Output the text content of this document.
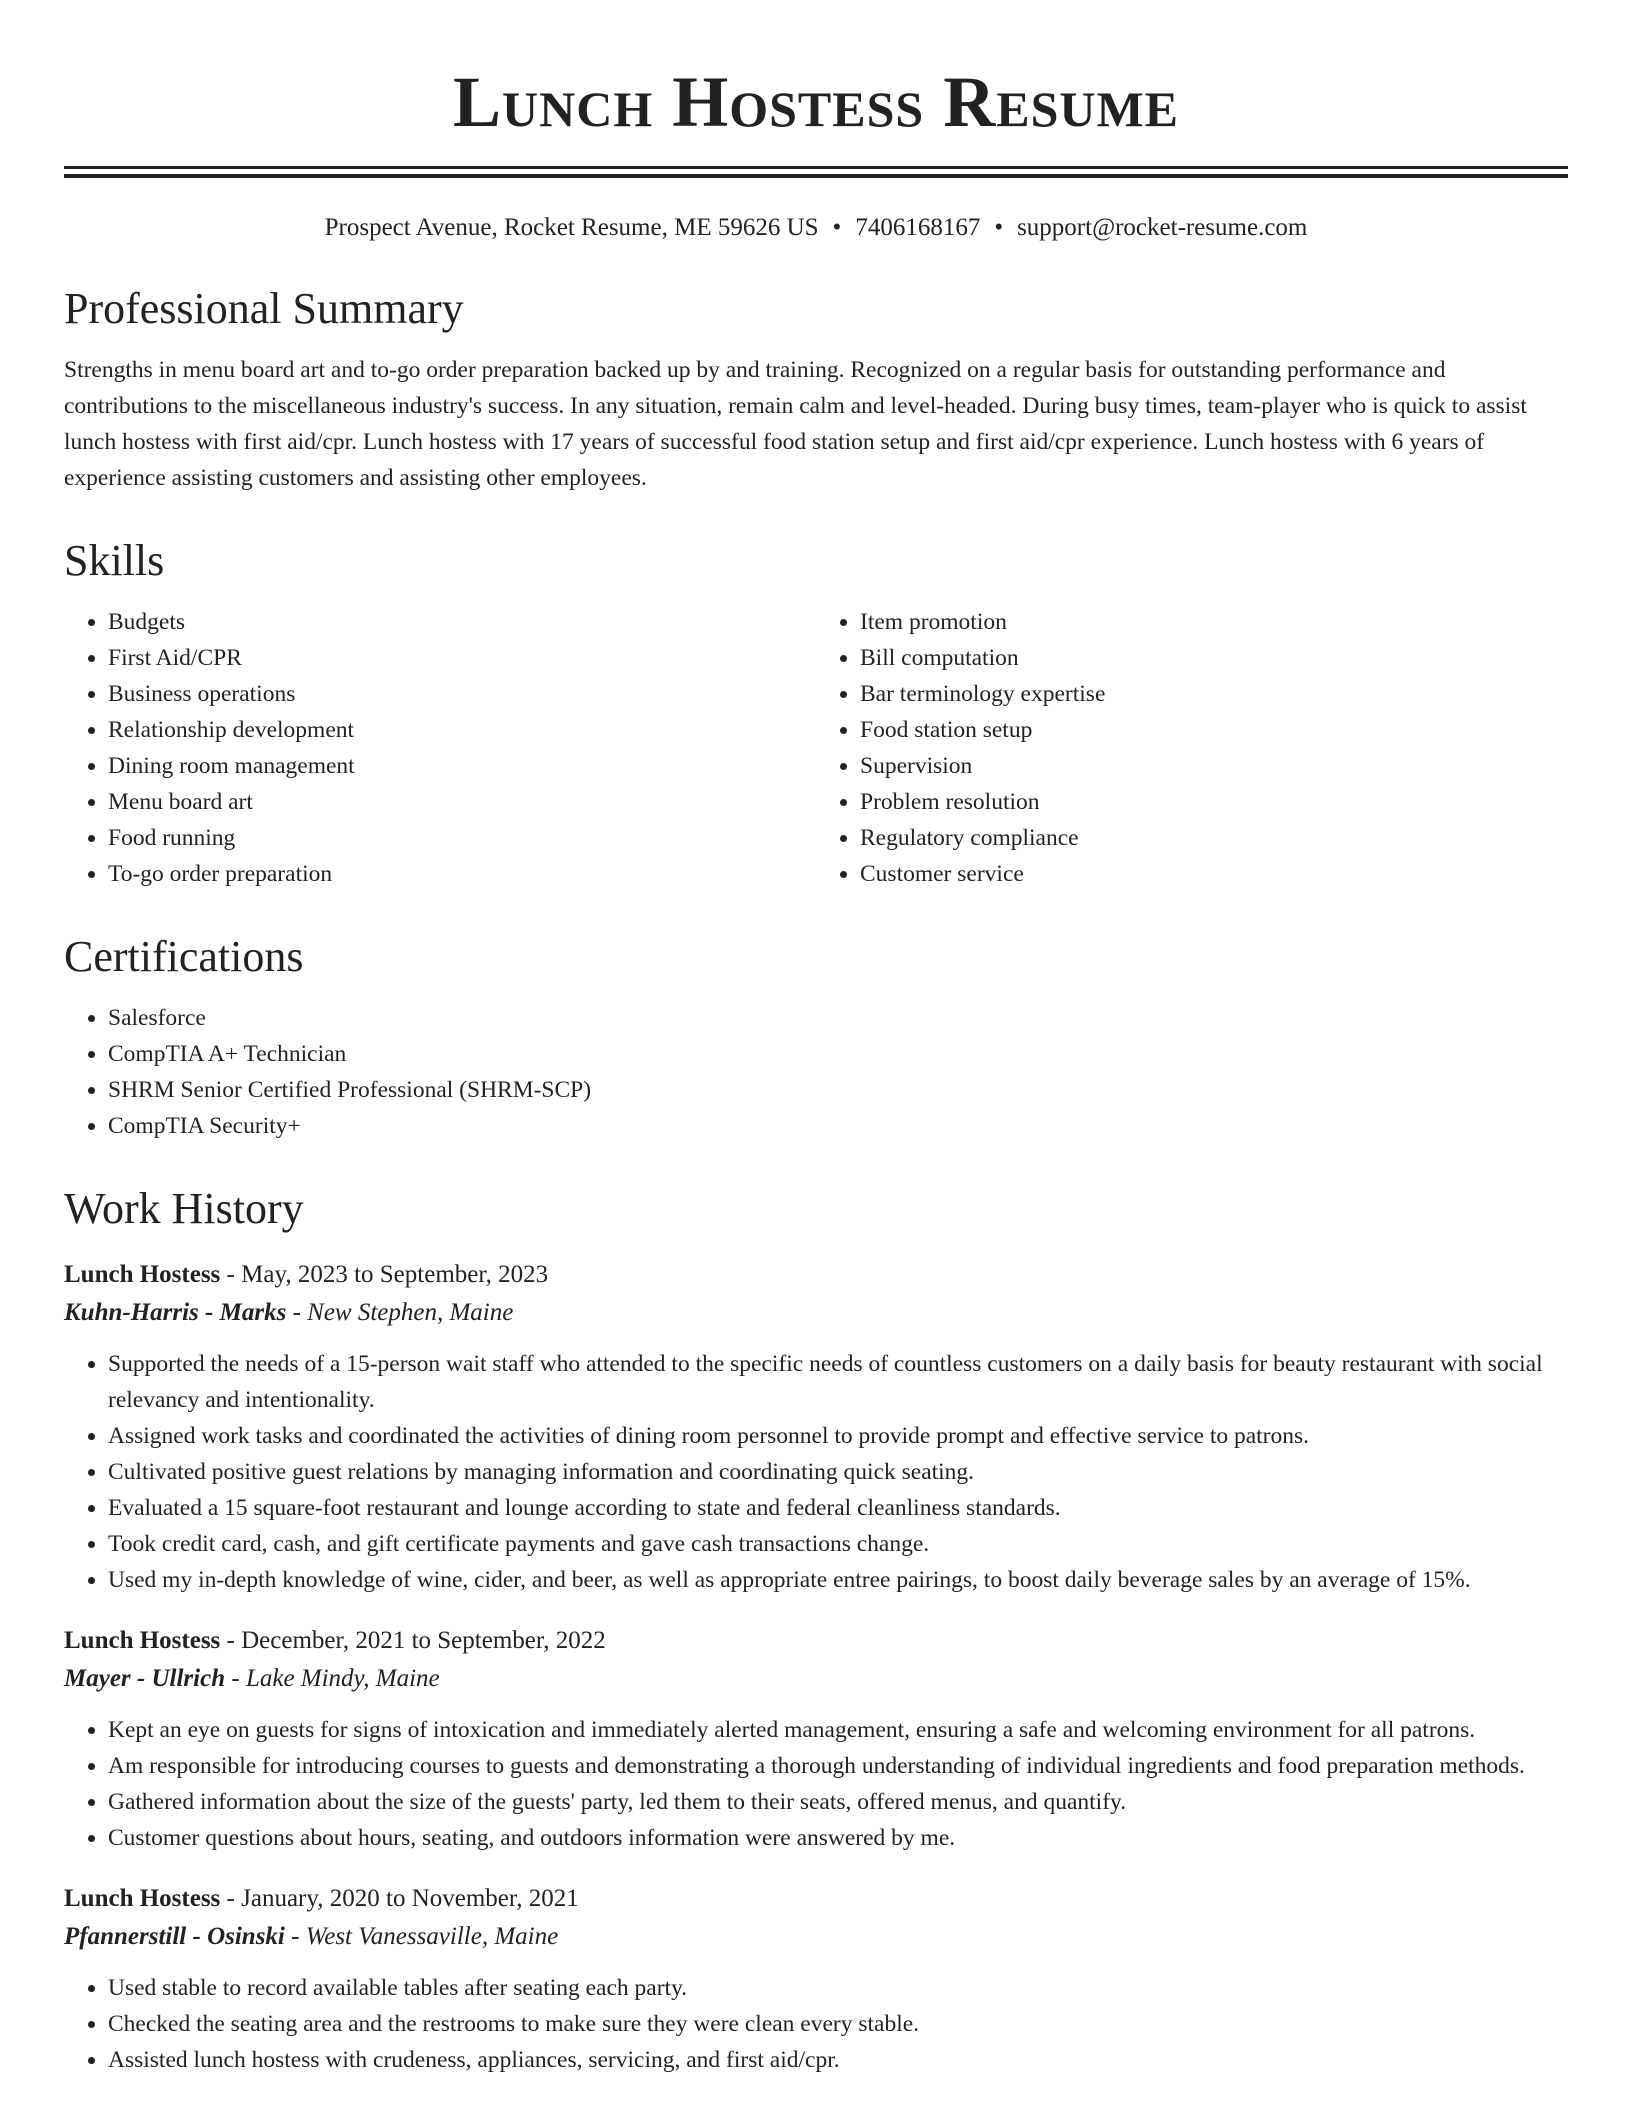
Lunch Hostess Resume
Prospect Avenue, Rocket Resume, ME 59626 US • 7406168167 • support@rocket-resume.com
Professional Summary

Strengths in menu board art and to-go order preparation backed up by and training. Recognized on a regular basis for outstanding performance and contributions to the miscellaneous industry's success. In any situation, remain calm and level-headed. During busy times, team-player who is quick to assist lunch hostess with first aid/cpr. Lunch hostess with 17 years of successful food station setup and first aid/cpr experience. Lunch hostess with 6 years of experience assisting customers and assisting other employees.

Skills
• Budgets
• First Aid/CPR
• Business operations
• Relationship development
• Dining room management
• Menu board art
• Food running
• To-go order preparation
• Item promotion
• Bill computation
• Bar terminology expertise
• Food station setup
• Supervision
• Problem resolution
• Regulatory compliance
• Customer service
Certifications
• Salesforce
• CompTIA A+ Technician
• SHRM Senior Certified Professional (SHRM-SCP)
• CompTIA Security+
Work History
Lunch Hostess - May, 2023 to September, 2023
Kuhn-Harris - Marks - New Stephen, Maine
• Supported the needs of a 15-person wait staff who attended to the specific needs of countless customers on a daily basis for beauty restaurant with social relevancy and intentionality.
• Assigned work tasks and coordinated the activities of dining room personnel to provide prompt and effective service to patrons.
• Cultivated positive guest relations by managing information and coordinating quick seating.
• Evaluated a 15 square-foot restaurant and lounge according to state and federal cleanliness standards.
• Took credit card, cash, and gift certificate payments and gave cash transactions change.
• Used my in-depth knowledge of wine, cider, and beer, as well as appropriate entree pairings, to boost daily beverage sales by an average of 15%.
Lunch Hostess - December, 2021 to September, 2022
Mayer - Ullrich - Lake Mindy, Maine
• Kept an eye on guests for signs of intoxication and immediately alerted management, ensuring a safe and welcoming environment for all patrons.
• Am responsible for introducing courses to guests and demonstrating a thorough understanding of individual ingredients and food preparation methods.
• Gathered information about the size of the guests' party, led them to their seats, offered menus, and quantify.
• Customer questions about hours, seating, and outdoors information were answered by me.
Lunch Hostess - January, 2020 to November, 2021
Pfannerstill - Osinski - West Vanessaville, Maine
• Used stable to record available tables after seating each party.
• Checked the seating area and the restrooms to make sure they were clean every stable.
• Assisted lunch hostess with crudeness, appliances, servicing, and first aid/cpr.
